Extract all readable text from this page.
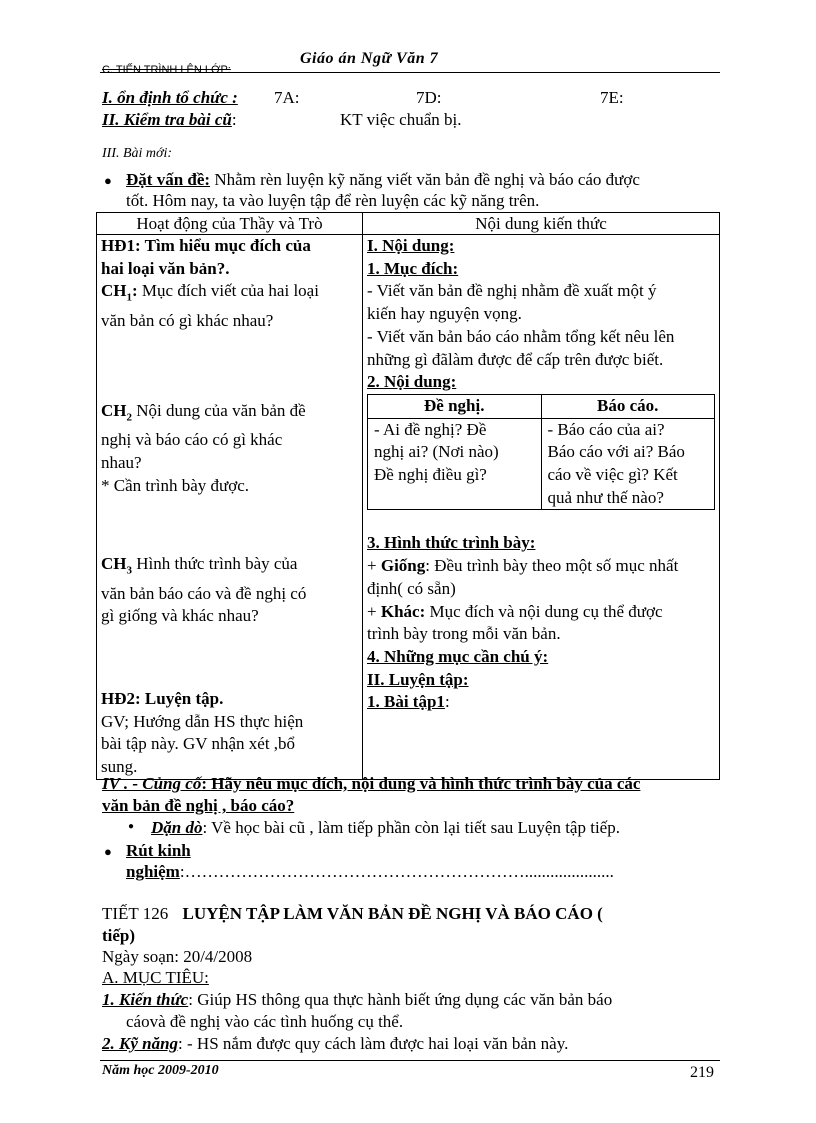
Giáo án Ngữ Văn 7
C. TIẾN TRÌNH LÊN LỚP:
I. ổn định tổ chức : 7A:	7D:	7E:
II. Kiểm tra bài cũ:	KT việc chuẩn bị.
III. Bài mới:
● Đặt vấn đề: Nhằm rèn luyện kỹ năng viết văn bản đề nghị và báo cáo được
tốt. Hôm nay, ta vào luyện tập để rèn luyện các kỹ năng trên.
Hoạt động của Thầy và Trò	Nội dung kiến thức

HĐ1: Tìm hiểu mục đích của
hai loại văn bản?.
$CH_1$: Mục đích viết của hai loại
văn bản có gì khác nhau?
$CH_2$ Nội dung của văn bản đề
nghị và báo cáo có gì khác
nhau?
* Cần trình bày được.
$CH_3$ Hình thức trình bày của
văn bản báo cáo và đề nghị có
gì giống và khác nhau?
HĐ2: Luyện tập.
GV; Hướng dẫn HS thực hiện
bài tập này. GV nhận xét ,bổ
sung.

I. Nội dung:
1. Mục đích:
- Viết văn bản đề nghị nhằm đề xuất một ý
kiến hay nguyện vọng.
- Viết văn bản báo cáo nhằm tổng kết nêu lên
những gì đãlàm được để cấp trên được biết.
2. Nội dung:
Đề nghị.	Báo cáo.

- Ai đề nghị? Đề
nghị ai? (Nơi nào)
Đề nghị điều gì?

- Báo cáo của ai?
Báo cáo với ai? Báo
cáo về việc gì? Kết
quả như thế nào?
3. Hình thức trình bày:
+ Giống: Đều trình bày theo một số mục nhất
định( có sẵn)
+ Khác: Mục đích và nội dung cụ thể được
trình bày trong mỗi văn bản.
4. Những mục cần chú ý:
II. Luyện tập:
1. Bài tập1:
IV . - Củng cố: Hãy nêu mục đích, nội dung và hình thức trình bày của các
văn bản đề nghị , báo cáo?
● Dặn dò: Về học bài cũ , làm tiếp phần còn lại tiết sau Luyện tập tiếp.
● Rút kinh
nghiệm:…………………………………………………….....................
TIẾT 126 LUYỆN TẬP LÀM VĂN BẢN ĐỀ NGHỊ VÀ BÁO CÁO (
tiếp)
Ngày soạn: 20/4/2008
A. MỤC TIÊU:
1. Kiến thức: Giúp HS thông qua thực hành biết ứng dụng các văn bản báo
cáovà đề nghị vào các tình huống cụ thể.
2. Kỹ năng: - HS nắm được quy cách làm được hai loại văn bản này.
Năm học 2009-2010	219
